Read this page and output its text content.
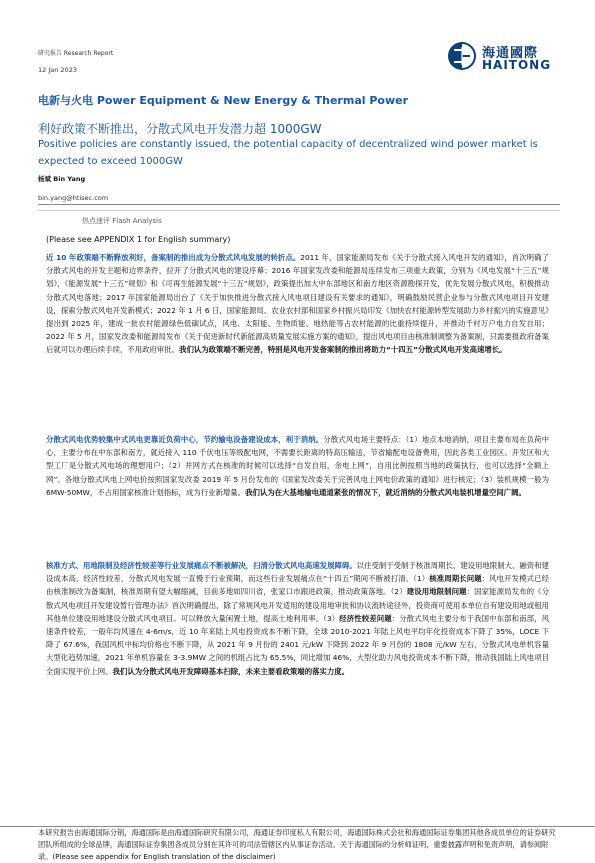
研究报告 Research Report
12 Jan 2023
海通國際
HAITONG
电新与火电 Power Equipment & New Energy & Thermal Power
利好政策不断推出，分散式风电开发潜力超 1000GW
Positive policies are constantly issued, the potential capacity of decentralized wind power market is expected to exceed 1000GW
杨斌 Bin Yang
bin.yang@htisec.com
热点速评 Flash Analysis
(Please see APPENDIX 1 for English summary)
近 10 年政策端不断释放利好，备案制的推出成为分散式风电发展的转折点。2011 年，国家能源局发布《关于分散式接入风电开发的通知》，首次明确了分散式风电的开发主题和边界条件，拉开了分散式风电的建设序幕；2016 年国家发改委和能源局连续发布三项重大政策，分别为《风电发展“十三五”规划》，《能源发展“十三五”规划》和《可再生能源发展“十三五”规划》，政策提出加大中东部地区和南方地区资源勘探开发，优先发展分散式风电，积极推动分散式风电落地；2017 年国家能源局出台了《关于加快推进分散式接入风电项目建设有关要求的通知》，明确鼓励民营企业参与分散式风电项目开发建设，探索分散式风电开发新模式；2022 年 1 月 6 日，国家能源局、农业农村部和国家乡村振兴局印发《加快农村能源转型发展助力乡村振兴的实施意见》提出到 2025 年，建成一批农村能源绿色低碳试点，风电、太阳能、生物质能、地热能等占农村能源的比重持续提升，并推动千村万户电力自发自用；2022 年 5 月，国家发改委和能源局发布《关于促进新时代新能源高质量发展实施方案的通知》，提出风电项目由核准制调整为备案制，只需要报政府备案后就可以办理后续手续，不用政府审批。我们认为政策端不断完善，特别是风电开发备案制的推出将助力“十四五”分散式风电开发高速增长。
分散式风电优势较集中式风电更靠近负荷中心，节约输电设备建设成本，利于消纳。分散式风电场主要特点：（1）地点本地消纳，项目主要布局在负荷中心，主要分布在中东部和南方，就近接入 110 千伏电压等级配电网，不需要长距离的特高压输送，节省输配电设备费用，因此各类工业园区、开发区和大型工厂是分散式风电场的理想用户；（2）并网方式在核准的时候可以选择“自发自用，余电上网”，自用比例按照当地的政策执行，也可以选择“全额上网”。各地分散式风电上网电价按照国家发改委 2019 年 5 月份发布的《国家发改委关于完善风电上网电价政策的通知》进行核定；（3）装机规模一般为 6MW-50MW，不占用国家核准计划指标，成为行业新增量。我们认为在大基地输电通道紧张的情况下，就近消纳的分散式风电装机增量空间广阔。
核准方式、用地限制及经济性较差等行业发展痛点不断被解决，扫清分散式风电高速发展障碍。以往受制于受制于核准周期长、建设用地限制大、融资和建设成本高、经济性较差，分散式风电发展一直慢于行业预期，而这些行业发展痛点在“十四五”期间不断被打清。（1）核准周期长问题：风电开发模式已经由核准制改为备案制，核准周期有望大幅缩减，目前多地如四川省，张家口市跟进政策，推动政策落地。（2）建设用地限制问题：国家能源局发布的《分散式风电项目开发建设暂行管理办法》首次明确提出，除了常规风电开发适用的建设用地审批和协议流转途径外，投资商可使用本单位自有建设用地或租用其他单位建设用地建设分散式风电项目。可以释放大量闲置土地，提高土地利用率。（3）经济性较差问题：分散式风电主要分布于我国中东部和南部，风速条件较差，一般年均风速在 4-6m/s，近 10 年来陆上风电投资成本不断下降，全球 2010-2021 年陆上风电平均年化投资成本下降了 35%，LOCE 下降了 67.6%，我国风机中标均价格也不断下降，从 2021 年 9 月份的 2401 元/kW 下降到 2022 年 9 月份的 1808 元/kW 左右，分散式风电单机容量大型化趋势加速，2021 年单机容量在 3-3.9MW 之间的机组占比为 65.5%，同比增加 46%，大型化助力风电投资成本不断下降，推动我国陆上风电项目全面实现平价上网。我们认为分散式风电开发障碍基本扫除，未来主要看政策端的落实力度。
本研究报告由海通国际分销，海通国际是由海通国际研究有限公司，海通证券印度私人有限公司，海通国际株式会社和海通国际证券集团其他各成员单位的证券研究团队所组成的全球品牌，海通国际证券集团各成员分别在其许可的司法管辖区内从事证券活动。关于海通国际的分析师证明，重要披露声明和免责声明，请参阅附录。(Please see appendix for English translation of the disclaimer)
